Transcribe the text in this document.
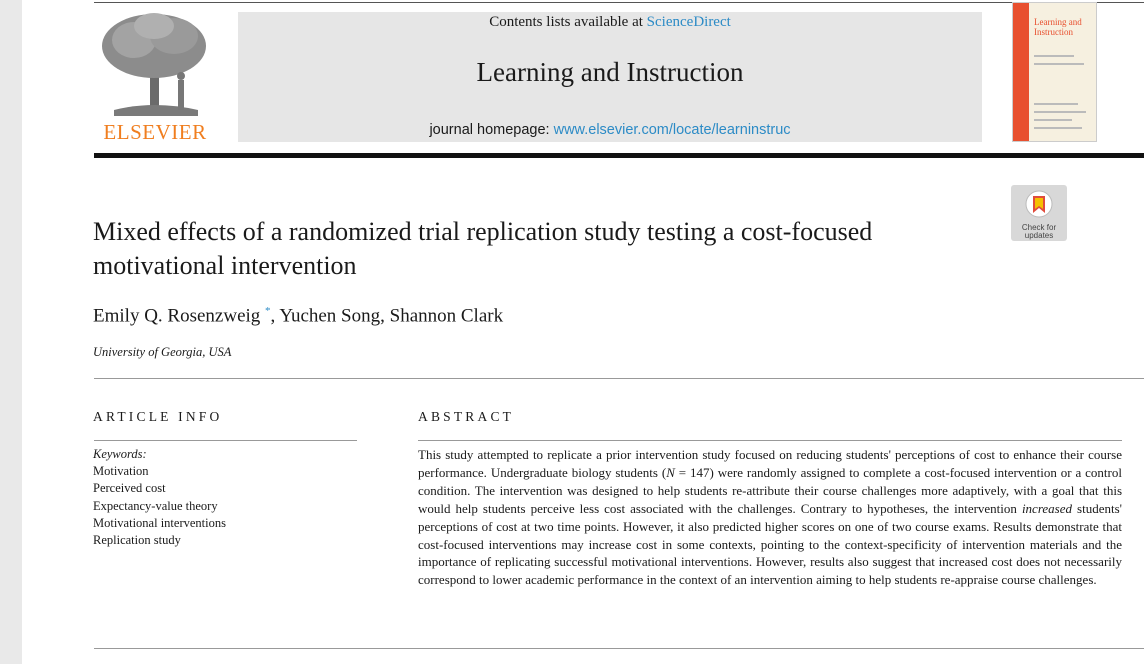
ELSEVIER
Contents lists available at ScienceDirect
Learning and Instruction
journal homepage: www.elsevier.com/locate/learninstruc
Learning and Instruction
Check for
updates
Mixed effects of a randomized trial replication study testing a cost-focused motivational intervention
Emily Q. Rosenzweig *, Yuchen Song, Shannon Clark
University of Georgia, USA
ARTICLE INFO
Keywords:
Motivation
Perceived cost
Expectancy-value theory
Motivational interventions
Replication study
ABSTRACT
This study attempted to replicate a prior intervention study focused on reducing students' perceptions of cost to enhance their course performance. Undergraduate biology students (N = 147) were randomly assigned to complete a cost-focused intervention or a control condition. The intervention was designed to help students re-attribute their course challenges more adaptively, with a goal that this would help students perceive less cost associated with the challenges. Contrary to hypotheses, the intervention increased students' perceptions of cost at two time points. However, it also predicted higher scores on one of two course exams. Results demonstrate that cost-focused interventions may increase cost in some contexts, pointing to the context-specificity of intervention materials and the importance of replicating successful motivational interventions. However, results also suggest that increased cost does not necessarily correspond to lower academic performance in the context of an intervention aiming to help students re-appraise course challenges.
